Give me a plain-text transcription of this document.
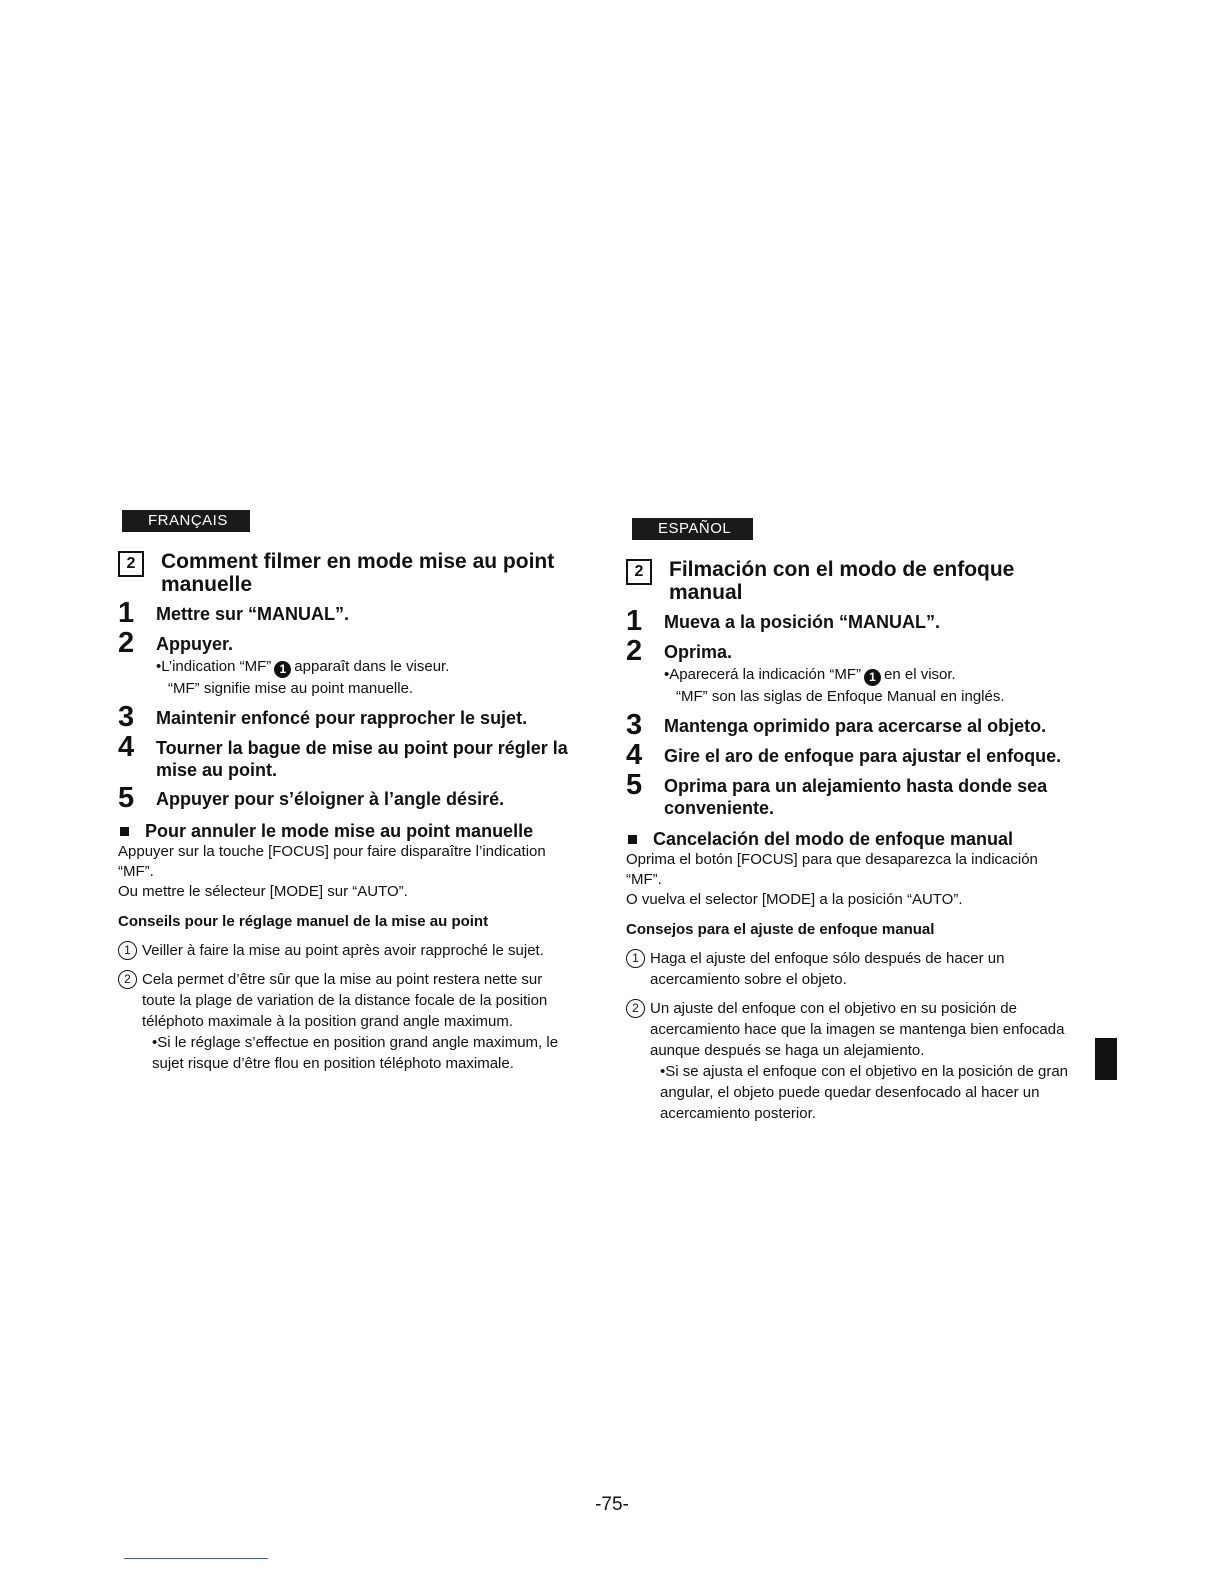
FRANÇAIS
2	Comment filmer en mode mise au point manuelle
1	Mettre sur “MANUAL”.
2	Appuyer.
•L’indication “MF” 1 apparaît dans le viseur.
“MF” signifie mise au point manuelle.
3	Maintenir enfoncé pour rapprocher le sujet.
4	Tourner la bague de mise au point pour régler la mise au point.
5	Appuyer pour s’éloigner à l’angle désiré.
Pour annuler le mode mise au point manuelle
Appuyer sur la touche [FOCUS] pour faire disparaître l’indication “MF”.
Ou mettre le sélecteur [MODE] sur “AUTO”.
Conseils pour le réglage manuel de la mise au point
1 Veiller à faire la mise au point après avoir rapproché le sujet.
2 Cela permet d’être sûr que la mise au point restera nette sur toute la plage de variation de la distance focale de la position téléphoto maximale à la position grand angle maximum.
•Si le réglage s’effectue en position grand angle maximum, le sujet risque d’être flou en position téléphoto maximale.
ESPAÑOL
2	Filmación con el modo de enfoque manual
1	Mueva a la posición “MANUAL”.
2	Oprima.
•Aparecerá la indicación “MF” 1 en el visor.
“MF” son las siglas de Enfoque Manual en inglés.
3	Mantenga oprimido para acercarse al objeto.
4	Gire el aro de enfoque para ajustar el enfoque.
5	Oprima para un alejamiento hasta donde sea conveniente.
Cancelación del modo de enfoque manual
Oprima el botón [FOCUS] para que desaparezca la indicación “MF”.
O vuelva el selector [MODE] a la posición “AUTO”.
Consejos para el ajuste de enfoque manual
1 Haga el ajuste del enfoque sólo después de hacer un acercamiento sobre el objeto.
2 Un ajuste del enfoque con el objetivo en su posición de acercamiento hace que la imagen se mantenga bien enfocada aunque después se haga un alejamiento.
•Si se ajusta el enfoque con el objetivo en la posición de gran angular, el objeto puede quedar desenfocado al hacer un acercamiento posterior.
-75-
